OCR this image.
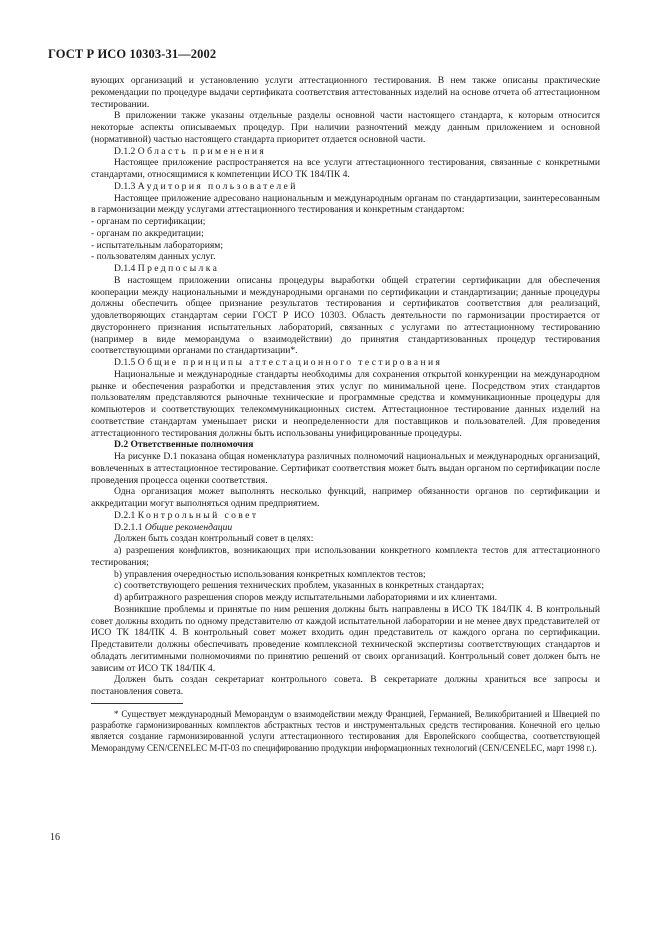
ГОСТ Р ИСО 10303-31—2002

вующих организаций и установлению услуги аттестационного тестирования. В нем также описаны практические рекомендации по процедуре выдачи сертификата соответствия аттестованных изделий на основе отчета об аттестационном тестировании.

В приложении также указаны отдельные разделы основной части настоящего стандарта, к которым относится некоторые аспекты описываемых процедур. При наличии разночтений между данным приложением и основной (нормативной) частью настоящего стандарта приоритет отдается основной части.

D.1.2 Область применения

Настоящее приложение распространяется на все услуги аттестационного тестирования, связанные с конкретными стандартами, относящимися к компетенции ИСО ТК 184/ПК 4.

D.1.3 Аудитория пользователей

Настоящее приложение адресовано национальным и международным органам по стандартизации, заинтересованным в гармонизации между услугами аттестационного тестирования и конкретным стандартом:

- органам по сертификации;

- органам по аккредитации;

- испытательным лабораториям;

- пользователям данных услуг.

D.1.4 Предпосылка

В настоящем приложении описаны процедуры выработки общей стратегии сертификации для обеспечения кооперации между национальными и международными органами по сертификации и стандартизации; данные процедуры должны обеспечить общее признание результатов тестирования и сертификатов соответствия для реализаций, удовлетворяющих стандартам серии ГОСТ Р ИСО 10303. Область деятельности по гармонизации простирается от двустороннего признания испытательных лабораторий, связанных с услугами по аттестационному тестированию (например в виде меморандума о взаимодействии) до принятия стандартизованных процедур тестирования соответствующими органами по стандартизации*.

D.1.5 Общие принципы аттестационного тестирования

Национальные и международные стандарты необходимы для сохранения открытой конкуренции на международном рынке и обеспечения разработки и представления этих услуг по минимальной цене. Посредством этих стандартов пользователям представляются рыночные технические и программные средства и коммуникационные процедуры для компьютеров и соответствующих телекоммуникационных систем. Аттестационное тестирование данных изделий на соответствие стандартам уменьшает риски и неопределенности для поставщиков и пользователей. Для проведения аттестационного тестирования должны быть использованы унифицированные процедуры.

D.2 Ответственные полномочия

На рисунке D.1 показана общая номенклатура различных полномочий национальных и международных организаций, вовлеченных в аттестационное тестирование. Сертификат соответствия может быть выдан органом по сертификации после проведения процесса оценки соответствия.

Одна организация может выполнять несколько функций, например обязанности органов по сертификации и аккредитации могут выполняться одним предприятием.

D.2.1 Контрольный совет

D.2.1.1 Общие рекомендации

Должен быть создан контрольный совет в целях:

a) разрешения конфликтов, возникающих при использовании конкретного комплекта тестов для аттестационного тестирования;

b) управления очередностью использования конкретных комплектов тестов;

c) соответствующего решения технических проблем, указанных в конкретных стандартах;

d) арбитражного разрешения споров между испытательными лабораториями и их клиентами.

Возникшие проблемы и принятые по ним решения должны быть направлены в ИСО ТК 184/ПК 4. В контрольный совет должны входить по одному представителю от каждой испытательной лаборатории и не менее двух представителей от ИСО ТК 184/ПК 4. В контрольный совет может входить один представитель от каждого органа по сертификации. Представители должны обеспечивать проведение комплексной технической экспертизы соответствующих стандартов и обладать легитимными полномочиями по принятию решений от своих организаций. Контрольный совет должен быть не зависим от ИСО ТК 184/ПК 4.

Должен быть создан секретариат контрольного совета. В секретариате должны храниться все запросы и постановления совета.

* Существует международный Меморандум о взаимодействии между Францией, Германией, Великобританией и Швецией по разработке гармонизированных комплектов абстрактных тестов и инструментальных средств тестирования. Конечной его целью является создание гармонизированной услуги аттестационного тестирования для Европейского сообщества, соответствующей Меморандуму CEN/CENELEC M-IT-03 по специфированию продукции информационных технологий (CEN/CENELEC, март 1998 г.).

16
